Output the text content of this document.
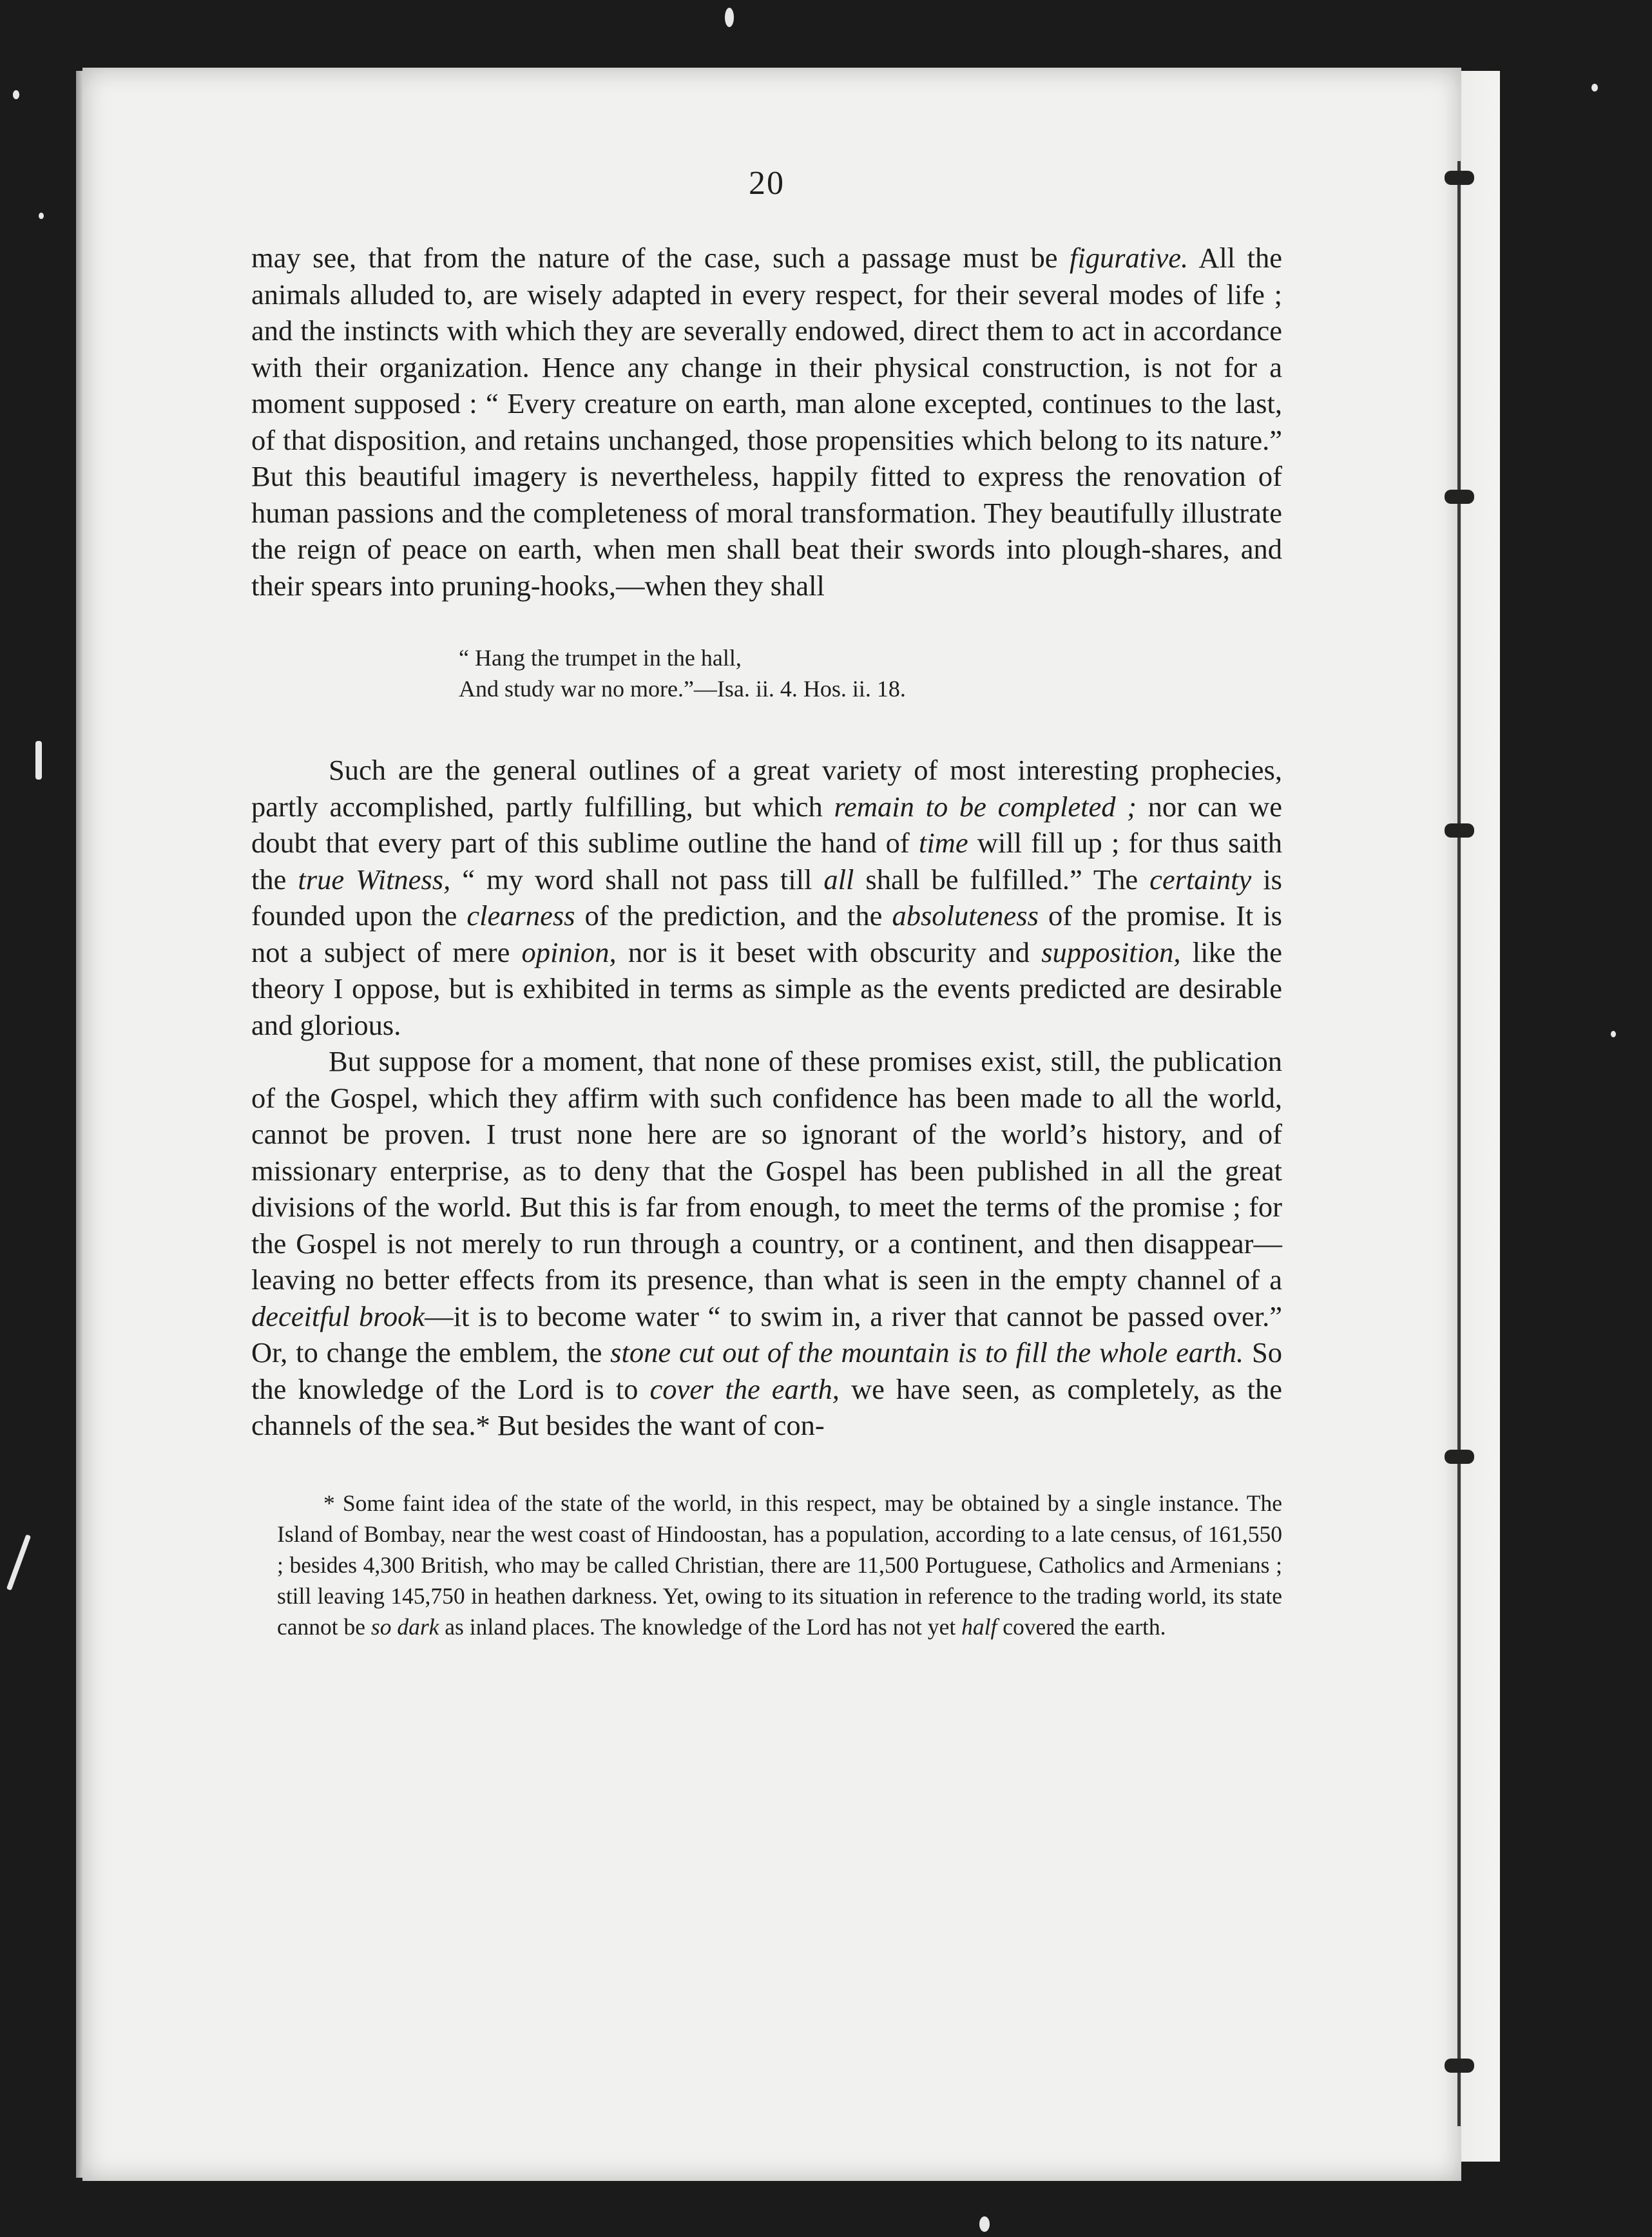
20

may see, that from the nature of the case, such a passage must be figurative. All the animals alluded to, are wisely adapted in every respect, for their several modes of life ; and the instincts with which they are severally endowed, direct them to act in accordance with their organization. Hence any change in their physical construction, is not for a moment supposed : “ Every creature on earth, man alone excepted, continues to the last, of that disposition, and retains unchanged, those propensities which belong to its nature.” But this beautiful imagery is nevertheless, happily fitted to express the renovation of human passions and the completeness of moral transformation. They beautifully illustrate the reign of peace on earth, when men shall beat their swords into plough-shares, and their spears into pruning-hooks,—when they shall

“ Hang the trumpet in the hall,
And study war no more.”—Isa. ii. 4. Hos. ii. 18.

Such are the general outlines of a great variety of most interesting prophecies, partly accomplished, partly fulfilling, but which remain to be completed ; nor can we doubt that every part of this sublime outline the hand of time will fill up ; for thus saith the true Witness, “ my word shall not pass till all shall be fulfilled.” The certainty is founded upon the clearness of the prediction, and the absoluteness of the promise. It is not a subject of mere opinion, nor is it beset with obscurity and supposition, like the theory I oppose, but is exhibited in terms as simple as the events predicted are desirable and glorious.

But suppose for a moment, that none of these promises exist, still, the publication of the Gospel, which they affirm with such confidence has been made to all the world, cannot be proven. I trust none here are so ignorant of the world’s history, and of missionary enterprise, as to deny that the Gospel has been published in all the great divisions of the world. But this is far from enough, to meet the terms of the promise ; for the Gospel is not merely to run through a country, or a continent, and then disappear—leaving no better effects from its presence, than what is seen in the empty channel of a deceitful brook—it is to become water “ to swim in, a river that cannot be passed over.” Or, to change the emblem, the stone cut out of the mountain is to fill the whole earth. So the knowledge of the Lord is to cover the earth, we have seen, as completely, as the channels of the sea.* But besides the want of con-

* Some faint idea of the state of the world, in this respect, may be obtained by a single instance. The Island of Bombay, near the west coast of Hindoostan, has a population, according to a late census, of 161,550 ; besides 4,300 British, who may be called Christian, there are 11,500 Portuguese, Catholics and Armenians ; still leaving 145,750 in heathen darkness. Yet, owing to its situation in reference to the trading world, its state cannot be so dark as inland places. The knowledge of the Lord has not yet half covered the earth.
